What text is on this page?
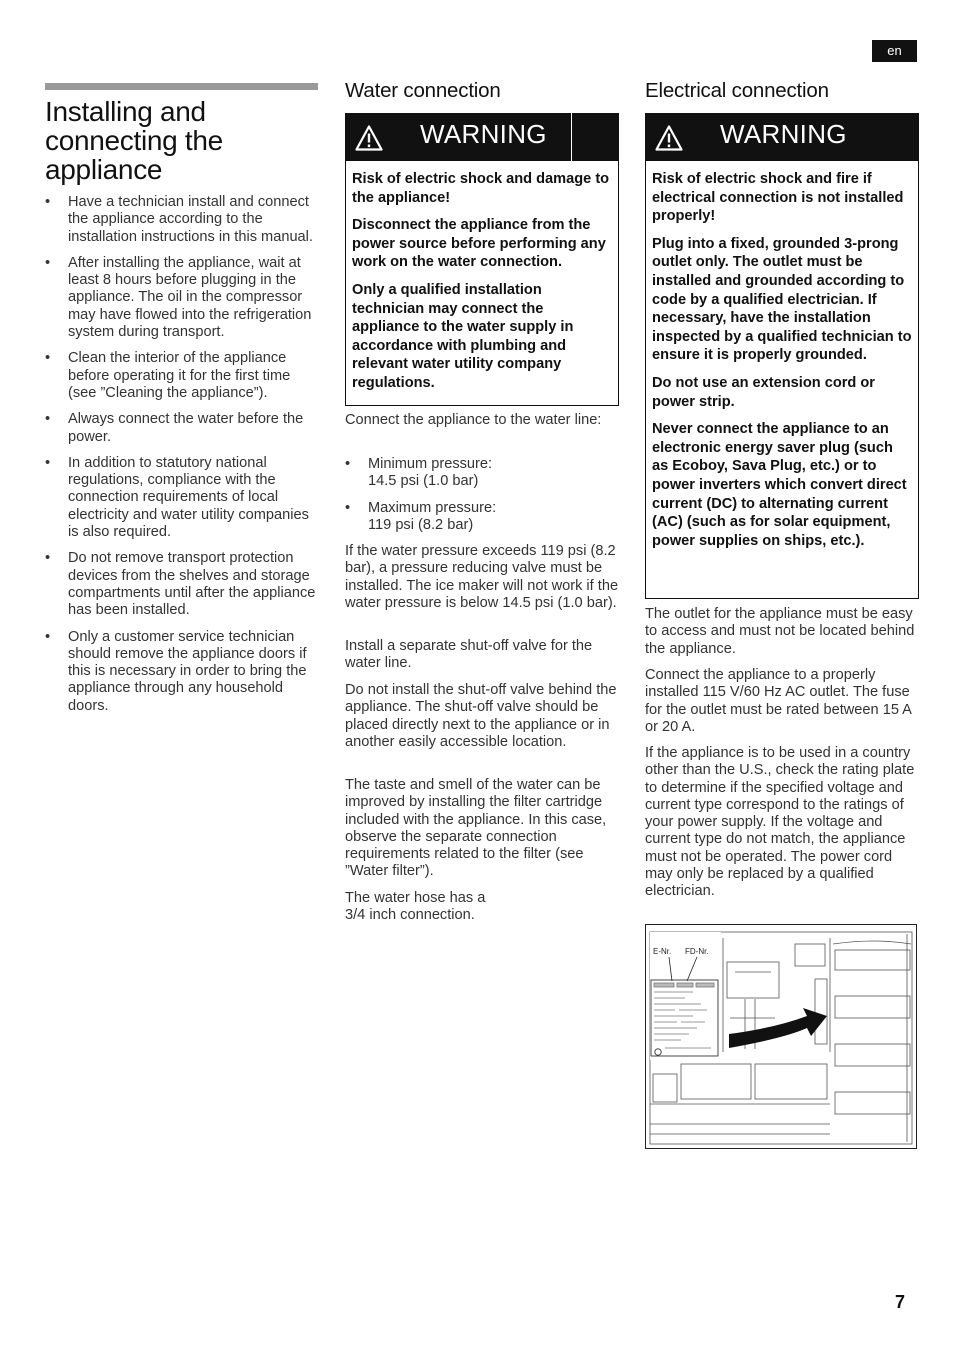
en
Installing and connecting the appliance
• Have a technician install and connect the appliance according to the installation instructions in this manual.
• After installing the appliance, wait at least 8 hours before plugging in the appliance. The oil in the compressor may have flowed into the refrigeration system during transport.
• Clean the interior of the appliance before operating it for the first time (see ”Cleaning the appliance”).
• Always connect the water before the power.
• In addition to statutory national regulations, compliance with the connection requirements of local electricity and water utility companies is also required.
• Do not remove transport protection devices from the shelves and storage compartments until after the appliance has been installed.
• Only a customer service technician should remove the appliance doors if this is necessary in order to bring the appliance through any household doors.
Water connection
WARNING

Risk of electric shock and damage to the appliance!

Disconnect the appliance from the power source before performing any work on the water connection.

Only a qualified installation technician may connect the appliance to the water supply in accordance with plumbing and relevant water utility company regulations.

Connect the appliance to the water line:

• Minimum pressure: 14.5 psi (1.0 bar)
• Maximum pressure: 119 psi (8.2 bar)

If the water pressure exceeds 119 psi (8.2 bar), a pressure reducing valve must be installed. The ice maker will not work if the water pressure is below 14.5 psi (1.0 bar).

Install a separate shut-off valve for the water line.

Do not install the shut-off valve behind the appliance. The shut-off valve should be placed directly next to the appliance or in another easily accessible location.

The taste and smell of the water can be improved by installing the filter cartridge included with the appliance. In this case, observe the separate connection requirements related to the filter (see ”Water filter”).

The water hose has a 3/4 inch connection.

Electrical connection
WARNING

Risk of electric shock and fire if electrical connection is not installed properly!

Plug into a fixed, grounded 3-prong outlet only. The outlet must be installed and grounded according to code by a qualified electrician. If necessary, have the installation inspected by a qualified technician to ensure it is properly grounded.

Do not use an extension cord or power strip.

Never connect the appliance to an electronic energy saver plug (such as Ecoboy, Sava Plug, etc.) or to power inverters which convert direct current (DC) to alternating current (AC) (such as for solar equipment, power supplies on ships, etc.).

The outlet for the appliance must be easy to access and must not be located behind the appliance.

Connect the appliance to a properly installed 115 V/60 Hz AC outlet. The fuse for the outlet must be rated between 15 A or 20 A.

If the appliance is to be used in a country other than the U.S., check the rating plate to determine if the specified voltage and current type correspond to the ratings of your power supply. If the voltage and current type do not match, the appliance must not be operated. The power cord may only be replaced by a qualified electrician.

E-Nr. FD-Nr.
7
